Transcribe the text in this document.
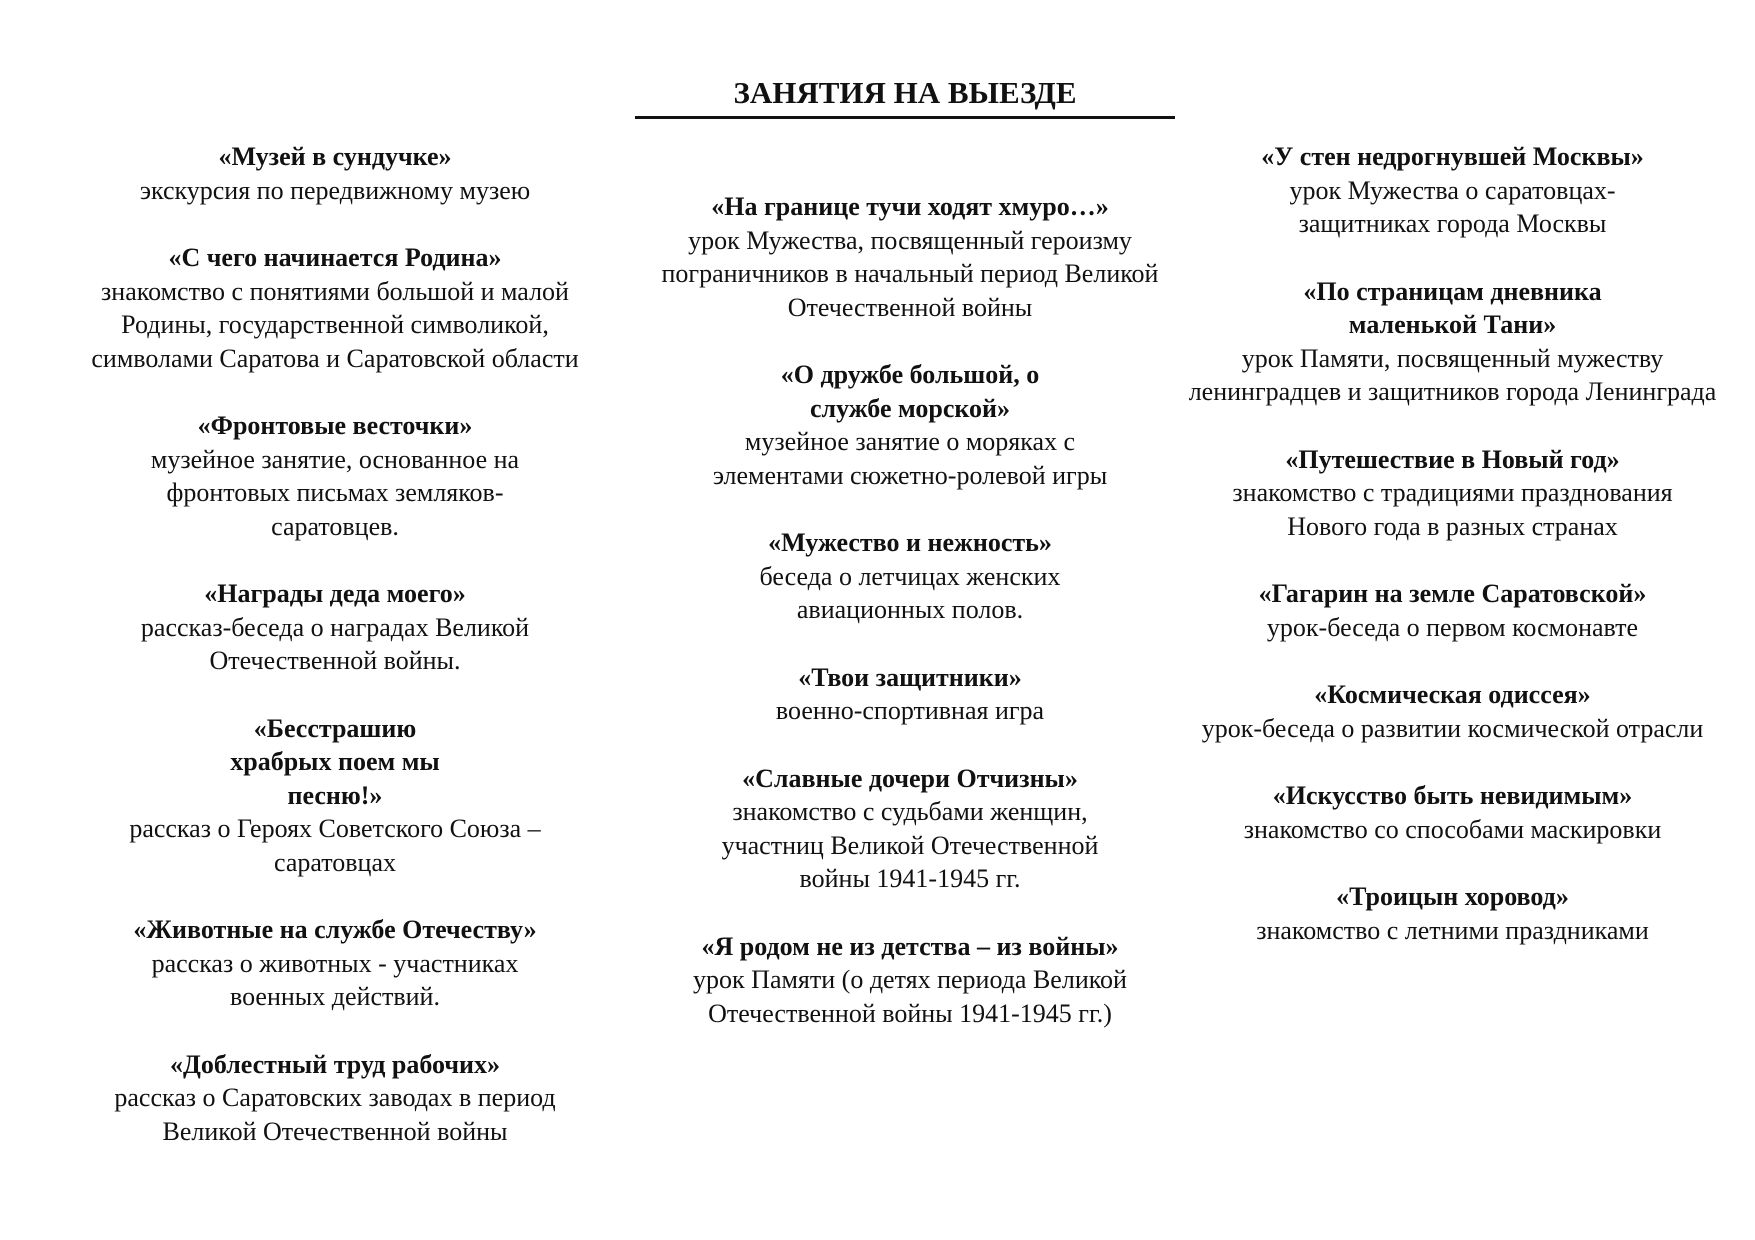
ЗАНЯТИЯ НА ВЫЕЗДЕ
«Музей в сундучке»
экскурсия по передвижному музею
«С чего начинается Родина»
знакомство с понятиями большой и малой Родины, государственной символикой, символами Саратова и Саратовской области
«Фронтовые весточки»
музейное занятие, основанное на фронтовых письмах земляков-саратовцев.
«Награды деда моего»
рассказ-беседа о наградах Великой Отечественной войны.
«Бесстрашию храбрых поем мы песню!»
рассказ о Героях Советского Союза – саратовцах
«Животные на службе Отечеству»
рассказ о животных - участниках военных действий.
«Доблестный труд рабочих»
рассказ о Саратовских заводах в период Великой Отечественной войны
«На границе тучи ходят хмуро…»
урок Мужества, посвященный героизму пограничников в начальный период Великой Отечественной войны
«О дружбе большой, о службе морской»
музейное занятие о моряках с элементами сюжетно-ролевой игры
«Мужество и нежность»
беседа о летчицах женских авиационных полов.
«Твои защитники»
военно-спортивная игра
«Славные дочери Отчизны»
знакомство с судьбами женщин, участниц Великой Отечественной войны 1941-1945 гг.
«Я родом не из детства – из войны»
урок Памяти (о детях периода Великой Отечественной войны 1941-1945 гг.)
«У стен недрогнувшей Москвы»
урок Мужества о саратовцах-защитниках города Москвы
«По страницам дневника маленькой Тани»
урок Памяти, посвященный мужеству ленинградцев и защитников города Ленинграда
«Путешествие в Новый год»
знакомство с традициями празднования Нового года в разных странах
«Гагарин на земле Саратовской»
урок-беседа о первом космонавте
«Космическая одиссея»
урок-беседа о развитии космической отрасли
«Искусство быть невидимым»
знакомство со способами маскировки
«Троицын хоровод»
знакомство с летними праздниками
